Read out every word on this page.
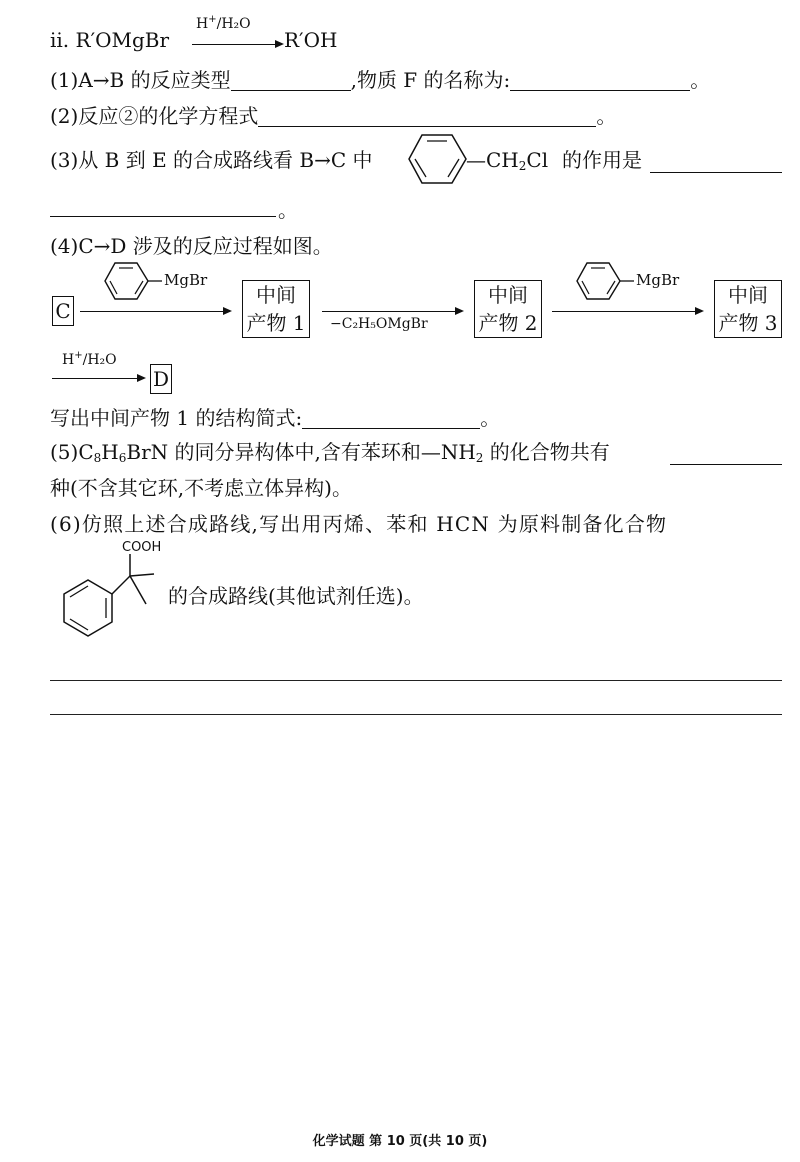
ⅱ. R′OMgBr
H+/H₂O
R′OH
(1)A→B 的反应类型	,物质 F 的名称为:	。
(2)反应②的化学方程式	。
(3)从 B 到 E 的合成路线看 B→C 中	$—CH_2Cl$ 的作用是
。
(4)C→D 涉及的反应过程如图。
C
MgBr
中间
产物 1 −C₂H₅OMgBr
中间
产物 2
MgBr
中间
产物 3
H+/H₂O
D
写出中间产物 1 的结构简式:	。
$(5)C_8H_6BrN$ 的同分异构体中,含有苯环和$—NH_2$ 的化合物共有
种(不含其它环,不考虑立体异构)。
(6)仿照上述合成路线,写出用丙烯、苯和 HCN 为原料制备化合物
COOH
的合成路线(其他试剂任选)。
化学试题 第 10 页(共 10 页)
